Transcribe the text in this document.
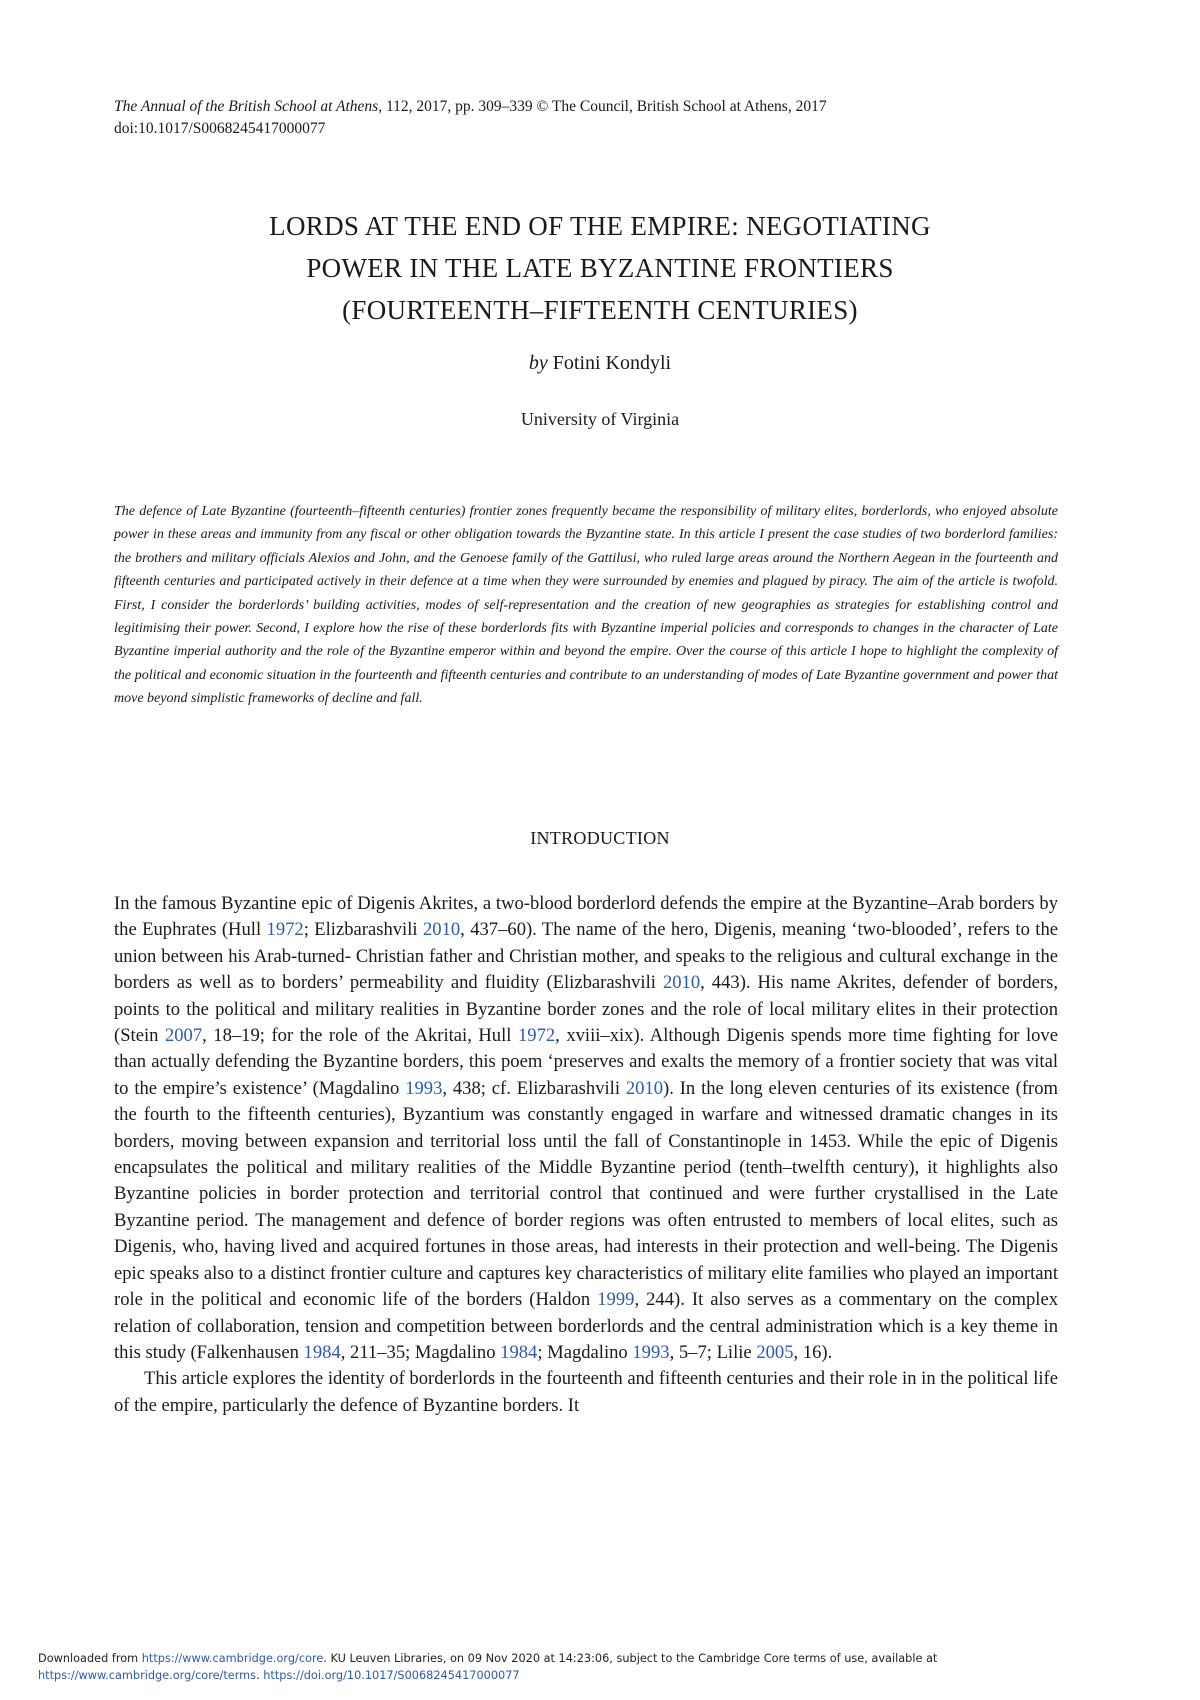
The Annual of the British School at Athens, 112, 2017, pp. 309–339 © The Council, British School at Athens, 2017
doi:10.1017/S0068245417000077
LORDS AT THE END OF THE EMPIRE: NEGOTIATING
POWER IN THE LATE BYZANTINE FRONTIERS
(FOURTEENTH–FIFTEENTH CENTURIES)
by Fotini Kondyli
University of Virginia
The defence of Late Byzantine (fourteenth–fifteenth centuries) frontier zones frequently became the responsibility of military elites, borderlords, who enjoyed absolute power in these areas and immunity from any fiscal or other obligation towards the Byzantine state. In this article I present the case studies of two borderlord families: the brothers and military officials Alexios and John, and the Genoese family of the Gattilusi, who ruled large areas around the Northern Aegean in the fourteenth and fifteenth centuries and participated actively in their defence at a time when they were surrounded by enemies and plagued by piracy. The aim of the article is twofold. First, I consider the borderlords’ building activities, modes of self-representation and the creation of new geographies as strategies for establishing control and legitimising their power. Second, I explore how the rise of these borderlords fits with Byzantine imperial policies and corresponds to changes in the character of Late Byzantine imperial authority and the role of the Byzantine emperor within and beyond the empire. Over the course of this article I hope to highlight the complexity of the political and economic situation in the fourteenth and fifteenth centuries and contribute to an understanding of modes of Late Byzantine government and power that move beyond simplistic frameworks of decline and fall.
INTRODUCTION

In the famous Byzantine epic of Digenis Akrites, a two-blood borderlord defends the empire at the Byzantine–Arab borders by the Euphrates (Hull 1972; Elizbarashvili 2010, 437–60). The name of the hero, Digenis, meaning ‘two-blooded’, refers to the union between his Arab-turned- Christian father and Christian mother, and speaks to the religious and cultural exchange in the borders as well as to borders’ permeability and fluidity (Elizbarashvili 2010, 443). His name Akrites, defender of borders, points to the political and military realities in Byzantine border zones and the role of local military elites in their protection (Stein 2007, 18–19; for the role of the Akritai, Hull 1972, xviii–xix). Although Digenis spends more time fighting for love than actually defending the Byzantine borders, this poem ‘preserves and exalts the memory of a frontier society that was vital to the empire’s existence’ (Magdalino 1993, 438; cf. Elizbarashvili 2010). In the long eleven centuries of its existence (from the fourth to the fifteenth centuries), Byzantium was constantly engaged in warfare and witnessed dramatic changes in its borders, moving between expansion and territorial loss until the fall of Constantinople in 1453. While the epic of Digenis encapsulates the political and military realities of the Middle Byzantine period (tenth–twelfth century), it highlights also Byzantine policies in border protection and territorial control that continued and were further crystallised in the Late Byzantine period. The management and defence of border regions was often entrusted to members of local elites, such as Digenis, who, having lived and acquired fortunes in those areas, had interests in their protection and well-being. The Digenis epic speaks also to a distinct frontier culture and captures key characteristics of military elite families who played an important role in the political and economic life of the borders (Haldon 1999, 244). It also serves as a commentary on the complex relation of collaboration, tension and competition between borderlords and the central administration which is a key theme in this study (Falkenhausen 1984, 211–35; Magdalino 1984; Magdalino 1993, 5–7; Lilie 2005, 16).

This article explores the identity of borderlords in the fourteenth and fifteenth centuries and their role in in the political life of the empire, particularly the defence of Byzantine borders. It

Downloaded from https://www.cambridge.org/core. KU Leuven Libraries, on 09 Nov 2020 at 14:23:06, subject to the Cambridge Core terms of use, available at
https://www.cambridge.org/core/terms. https://doi.org/10.1017/S0068245417000077
